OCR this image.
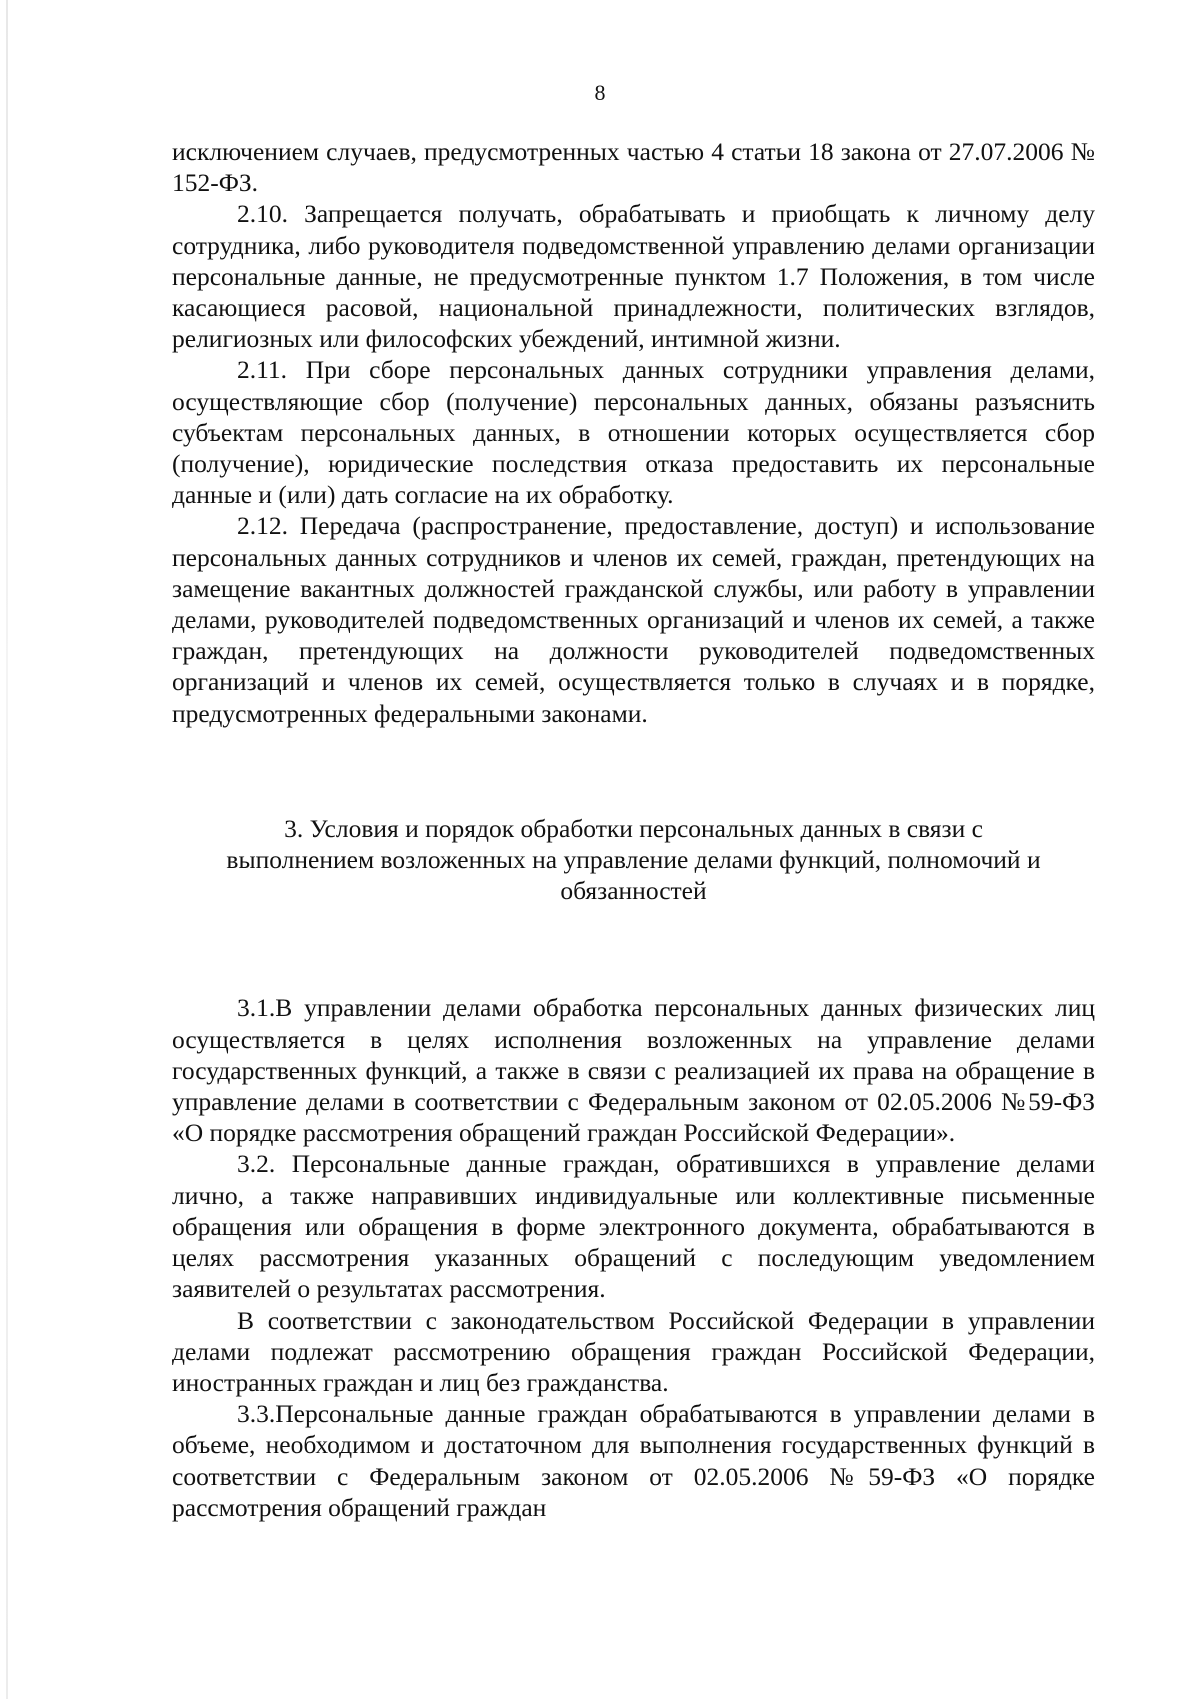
8

исключением случаев, предусмотренных частью 4 статьи 18 закона от 27.07.2006 № 152-ФЗ.

2.10. Запрещается получать, обрабатывать и приобщать к личному делу сотрудника, либо руководителя подведомственной управлению делами организации персональные данные, не предусмотренные пунктом 1.7 Положения, в том числе касающиеся расовой, национальной принадлежности, политических взглядов, религиозных или философских убеждений, интимной жизни.

2.11. При сборе персональных данных сотрудники управления делами, осуществляющие сбор (получение) персональных данных, обязаны разъяснить субъектам персональных данных, в отношении которых осуществляется сбор (получение), юридические последствия отказа предоставить их персональные данные и (или) дать согласие на их обработку.

2.12. Передача (распространение, предоставление, доступ) и использование персональных данных сотрудников и членов их семей, граждан, претендующих на замещение вакантных должностей гражданской службы, или работу в управлении делами, руководителей подведомственных организаций и членов их семей, а также граждан, претендующих на должности руководителей подведомственных организаций и членов их семей, осуществляется только в случаях и в порядке, предусмотренных федеральными законами.

3. Условия и порядок обработки персональных данных в связи с

выполнением возложенных на управление делами функций, полномочий и

обязанностей

3.1.В управлении делами обработка персональных данных физических лиц осуществляется в целях исполнения возложенных на управление делами государственных функций, а также в связи с реализацией их права на обращение в управление делами в соответствии с Федеральным законом от 02.05.2006 №59-ФЗ «О порядке рассмотрения обращений граждан Российской Федерации».

3.2. Персональные данные граждан, обратившихся в управление делами лично, а также направивших индивидуальные или коллективные письменные обращения или обращения в форме электронного документа, обрабатываются в целях рассмотрения указанных обращений с последующим уведомлением заявителей о результатах рассмотрения.

В соответствии с законодательством Российской Федерации в управлении делами подлежат рассмотрению обращения граждан Российской Федерации, иностранных граждан и лиц без гражданства.

3.3.Персональные данные граждан обрабатываются в управлении делами в объеме, необходимом и достаточном для выполнения государственных функций в соответствии с Федеральным законом от 02.05.2006 №59-ФЗ «О порядке рассмотрения обращений граждан
